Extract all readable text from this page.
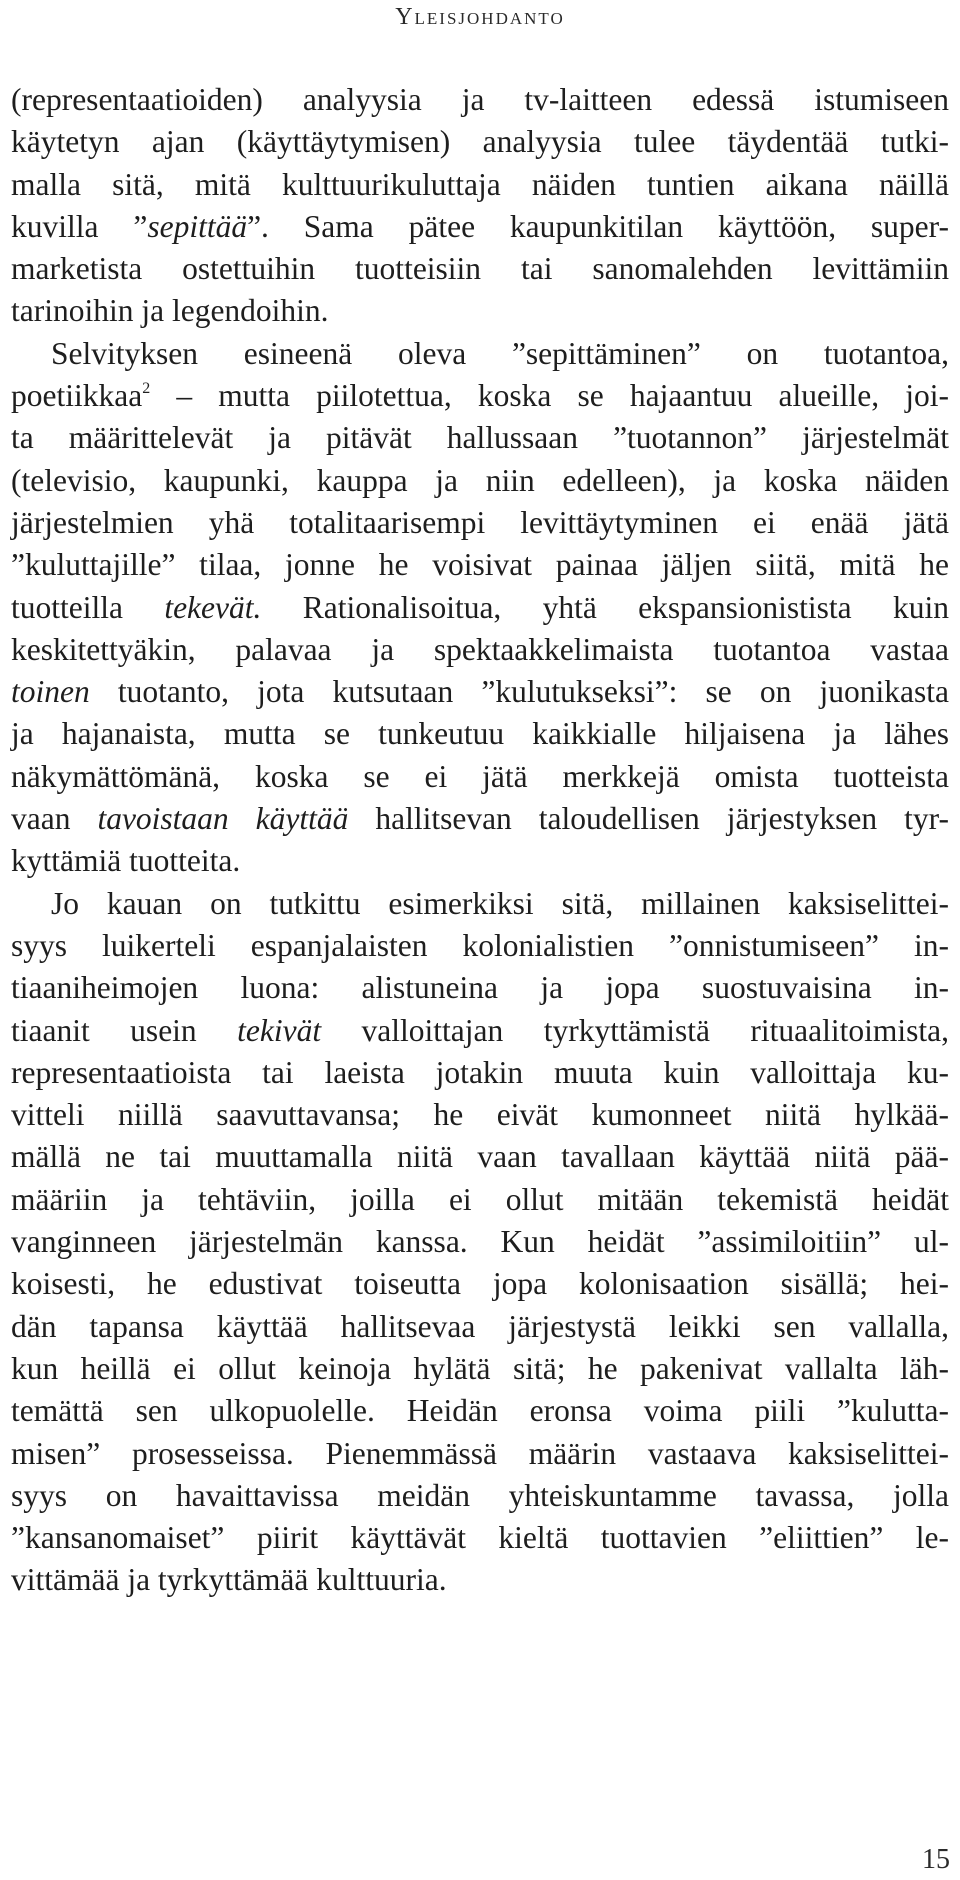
Yleisjohdanto
(representaatioiden) analyysia ja tv-laitteen edessä istumiseen
käytetyn ajan (käyttäytymisen) analyysia tulee täydentää tutki-
malla sitä, mitä kulttuurikuluttaja näiden tuntien aikana näillä
kuvilla ”sepittää”. Sama pätee kaupunkitilan käyttöön, super-
marketista ostettuihin tuotteisiin tai sanomalehden levittämiin
tarinoihin ja legendoihin.
Selvityksen esineenä oleva ”sepittäminen” on tuotantoa,
poetiikkaa$^2$ – mutta piilotettua, koska se hajaantuu alueille, joi-
ta määrittelevät ja pitävät hallussaan ”tuotannon” järjestelmät
(televisio, kaupunki, kauppa ja niin edelleen), ja koska näiden
järjestelmien yhä totalitaarisempi levittäytyminen ei enää jätä
”kuluttajille” tilaa, jonne he voisivat painaa jäljen siitä, mitä he
tuotteilla tekevät. Rationalisoitua, yhtä ekspansionistista kuin
keskitettyäkin, palavaa ja spektaakkelimaista tuotantoa vastaa
toinen tuotanto, jota kutsutaan ”kulutukseksi”: se on juonikasta
ja hajanaista, mutta se tunkeutuu kaikkialle hiljaisena ja lähes
näkymättömänä, koska se ei jätä merkkejä omista tuotteista
vaan tavoistaan käyttää hallitsevan taloudellisen järjestyksen tyr-
kyttämiä tuotteita.
Jo kauan on tutkittu esimerkiksi sitä, millainen kaksiselittei-
syys luikerteli espanjalaisten kolonialistien ”onnistumiseen” in-
tiaaniheimojen luona: alistuneina ja jopa suostuvaisina in-
tiaanit usein tekivät valloittajan tyrkyttämistä rituaalitoimista,
representaatioista tai laeista jotakin muuta kuin valloittaja ku-
vitteli niillä saavuttavansa; he eivät kumonneet niitä hylkää-
mällä ne tai muuttamalla niitä vaan tavallaan käyttää niitä pää-
määriin ja tehtäviin, joilla ei ollut mitään tekemistä heidät
vanginneen järjestelmän kanssa. Kun heidät ”assimiloitiin” ul-
koisesti, he edustivat toiseutta jopa kolonisaation sisällä; hei-
dän tapansa käyttää hallitsevaa järjestystä leikki sen vallalla,
kun heillä ei ollut keinoja hylätä sitä; he pakenivat vallalta läh-
temättä sen ulkopuolelle. Heidän eronsa voima piili ”kulutta-
misen” prosesseissa. Pienemmässä määrin vastaava kaksiselittei-
syys on havaittavissa meidän yhteiskuntamme tavassa, jolla
”kansanomaiset” piirit käyttävät kieltä tuottavien ”eliittien” le-
vittämää ja tyrkyttämää kulttuuria.
15
